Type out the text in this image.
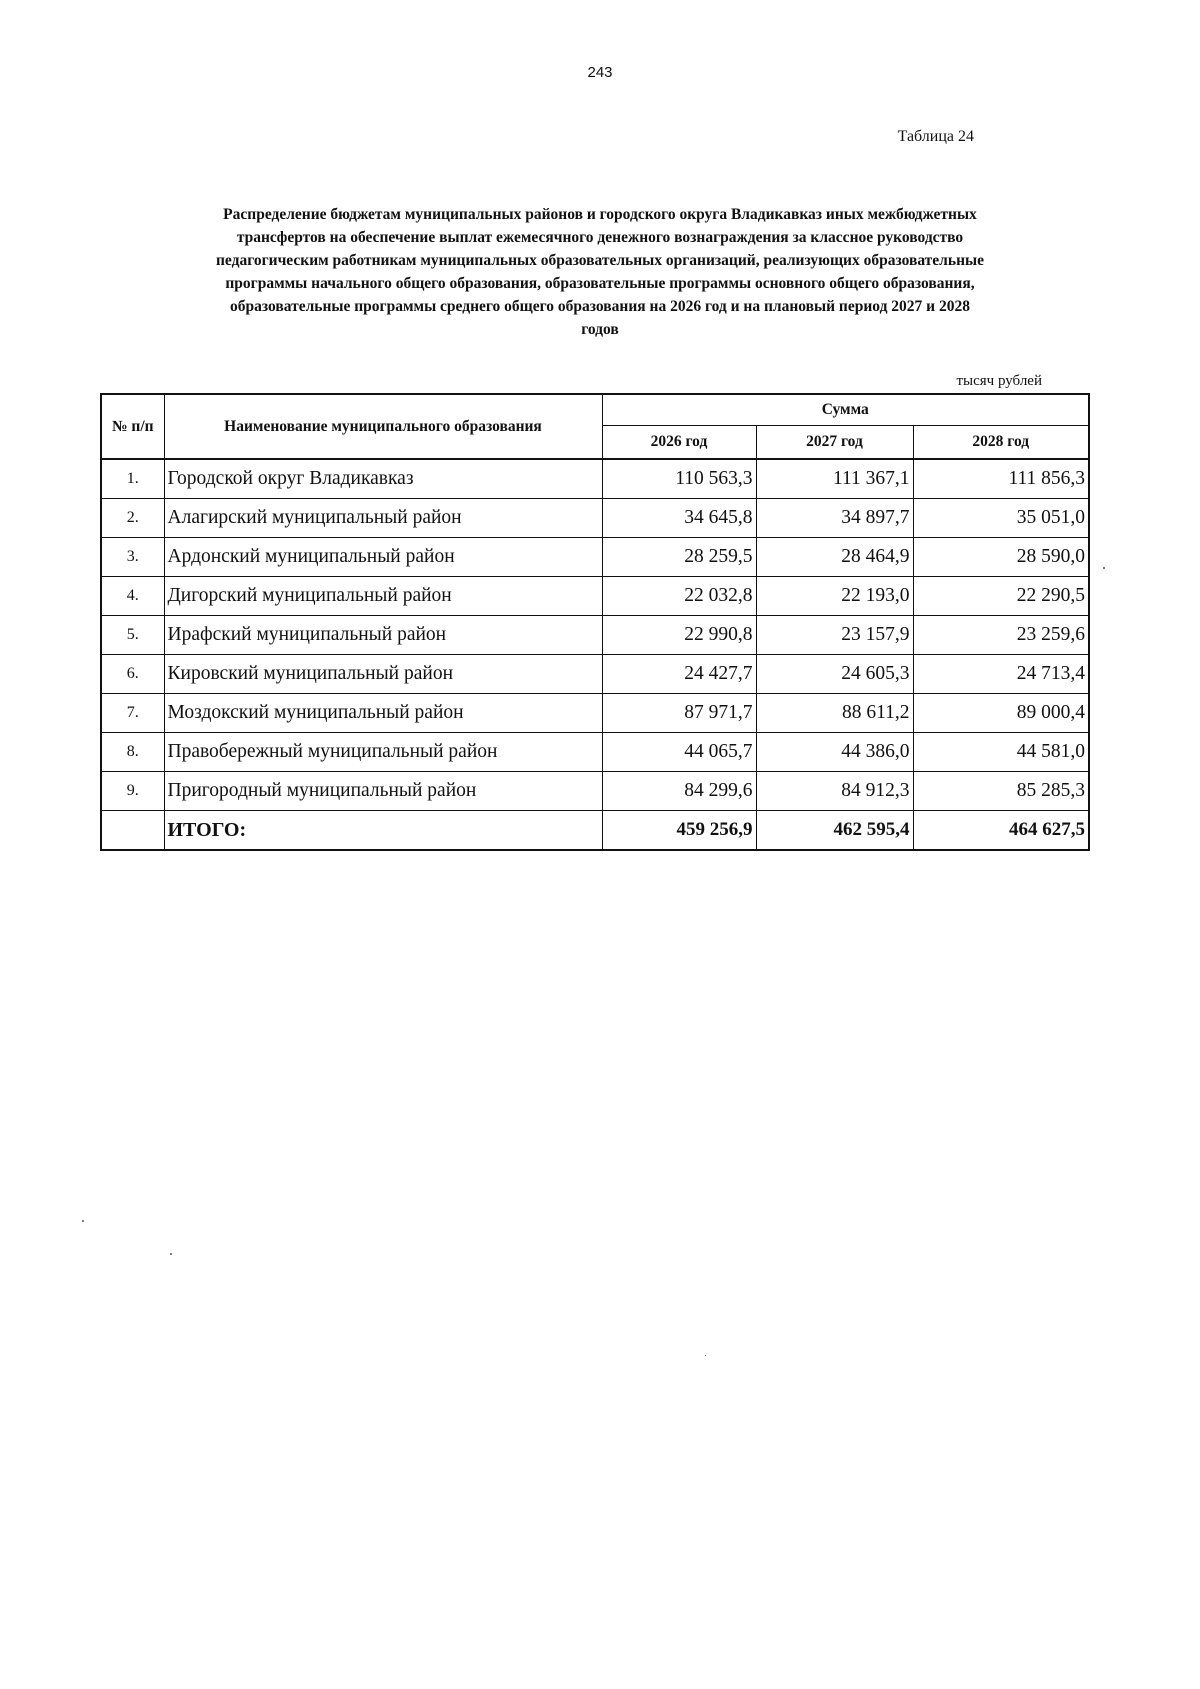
243
Таблица 24
Распределение бюджетам муниципальных районов и городского округа Владикавказ иных межбюджетных
трансфертов на обеспечение выплат ежемесячного денежного вознаграждения за классное руководство
педагогическим работникам муниципальных образовательных организаций, реализующих образовательные
программы начального общего образования, образовательные программы основного общего образования,
образовательные программы среднего общего образования на 2026 год и на плановый период 2027 и 2028
годов
тысяч рублей
№ п/п	Наименование муниципального образования	Сумма		
		2026 год	2027 год	2028 год
1.	Городской округ Владикавказ	110 563,3	111 367,1	111 856,3
2.	Алагирский муниципальный район	34 645,8	34 897,7	35 051,0
3.	Ардонский муниципальный район	28 259,5	28 464,9	28 590,0
4.	Дигорский муниципальный район	22 032,8	22 193,0	22 290,5
5.	Ирафский муниципальный район	22 990,8	23 157,9	23 259,6
6.	Кировский муниципальный район	24 427,7	24 605,3	24 713,4
7.	Моздокский муниципальный район	87 971,7	88 611,2	89 000,4
8.	Правобережный муниципальный район	44 065,7	44 386,0	44 581,0
9.	Пригородный муниципальный район	84 299,6	84 912,3	85 285,3
	ИТОГО:	459 256,9	462 595,4	464 627,5
